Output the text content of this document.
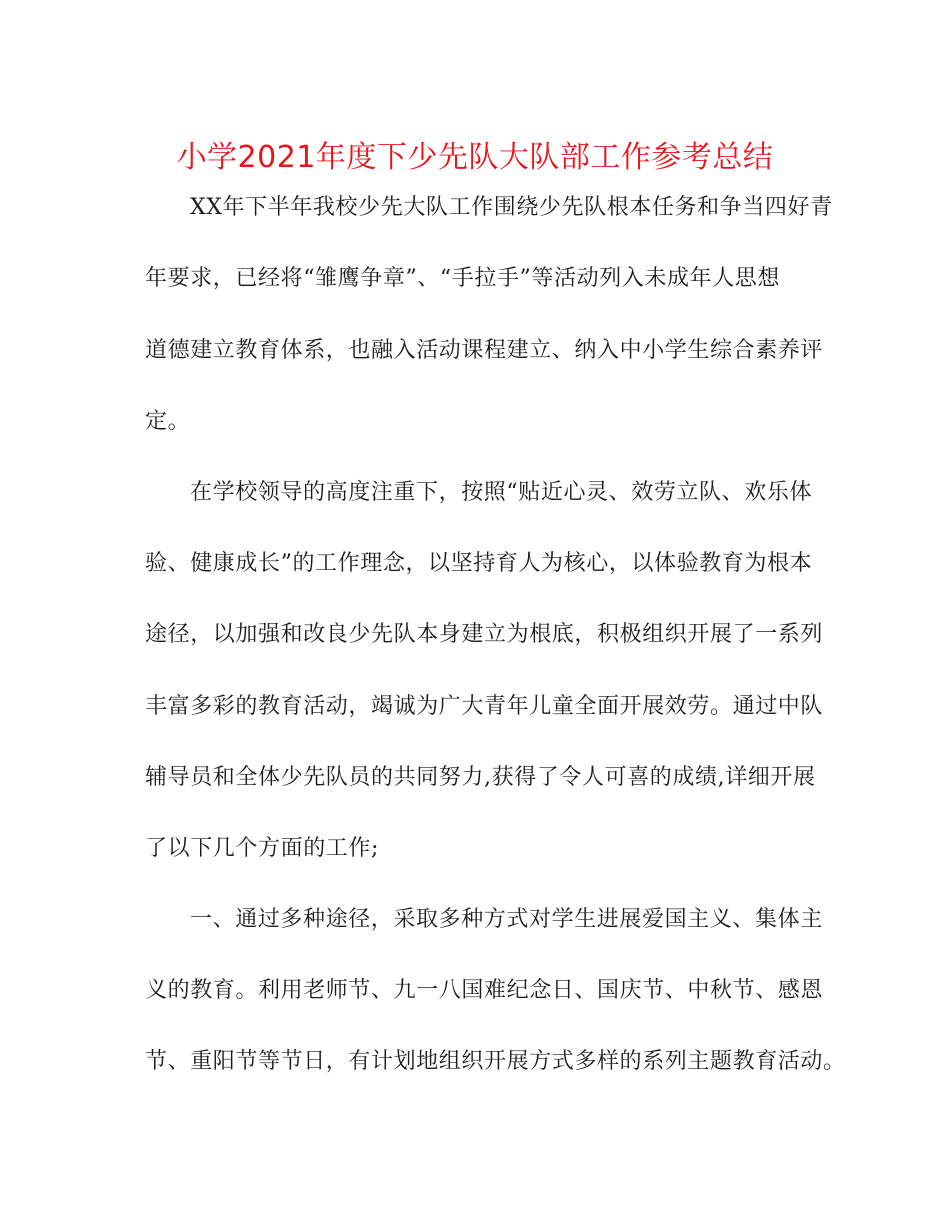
小学2021年度下少先队大队部工作参考总结

XX年下半年我校少先大队工作围绕少先队根本任务和争当四好青

年要求，已经将“雏鹰争章”、“手拉手”等活动列入未成年人思想

道德建立教育体系，也融入活动课程建立、纳入中小学生综合素养评

定。

在学校领导的高度注重下，按照“贴近心灵、效劳立队、欢乐体

验、健康成长”的工作理念，以坚持育人为核心，以体验教育为根本

途径，以加强和改良少先队本身建立为根底，积极组织开展了一系列

丰富多彩的教育活动，竭诚为广大青年儿童全面开展效劳。通过中队

辅导员和全体少先队员的共同努力,获得了令人可喜的成绩,详细开展

了以下几个方面的工作;

一、通过多种途径，采取多种方式对学生进展爱国主义、集体主

义的教育。利用老师节、九一八国难纪念日、国庆节、中秋节、感恩

节、重阳节等节日，有计划地组织开展方式多样的系列主题教育活动。
